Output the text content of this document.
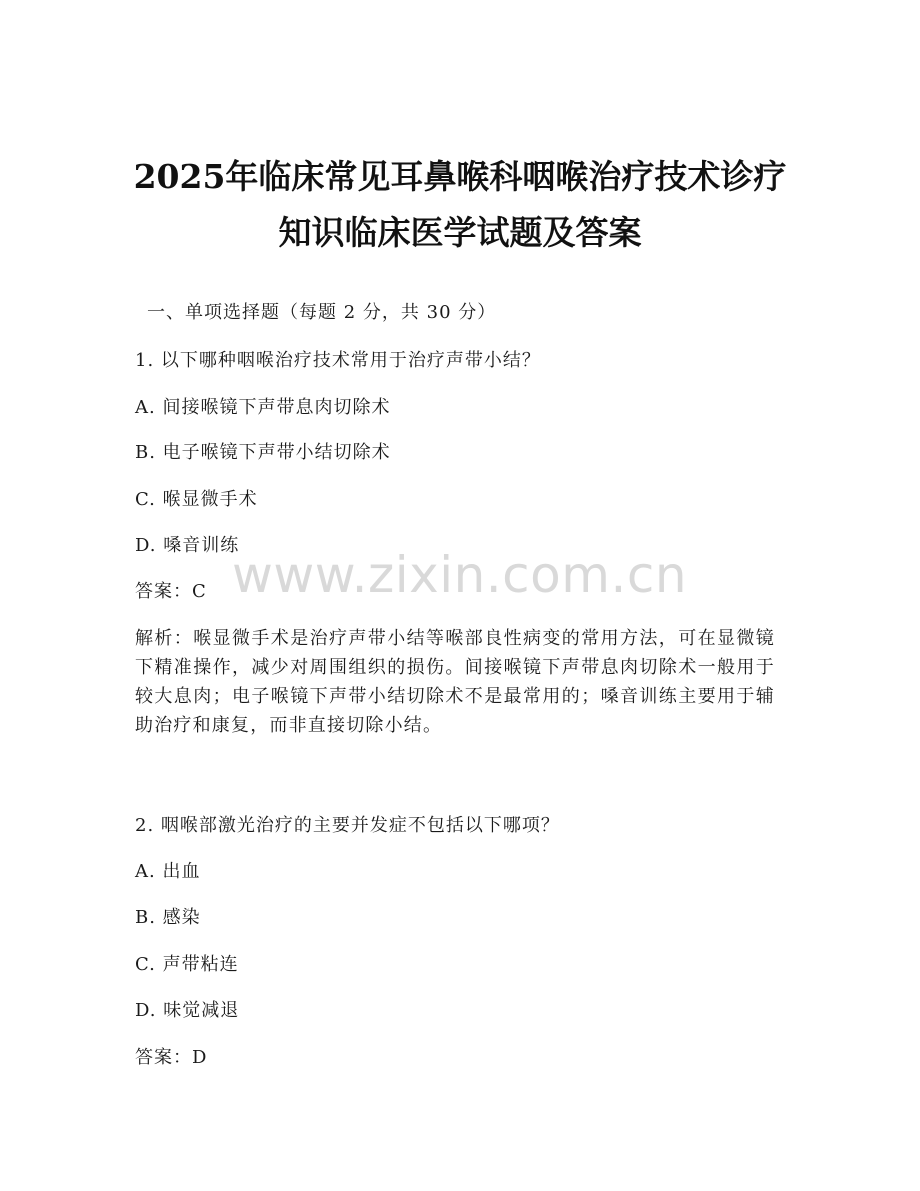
2025年临床常见耳鼻喉科咽喉治疗技术诊疗
知识临床医学试题及答案
一、单项选择题（每题 2 分，共 30 分）
1. 以下哪种咽喉治疗技术常用于治疗声带小结？
A. 间接喉镜下声带息肉切除术
B. 电子喉镜下声带小结切除术
C. 喉显微手术
D. 嗓音训练
答案：C
解析：喉显微手术是治疗声带小结等喉部良性病变的常用方法，可在显微镜下精准操作，减少对周围组织的损伤。间接喉镜下声带息肉切除术一般用于较大息肉；电子喉镜下声带小结切除术不是最常用的；嗓音训练主要用于辅助治疗和康复，而非直接切除小结。
2. 咽喉部激光治疗的主要并发症不包括以下哪项？
A. 出血
B. 感染
C. 声带粘连
D. 味觉减退
答案：D
www.zixin.com.cn
